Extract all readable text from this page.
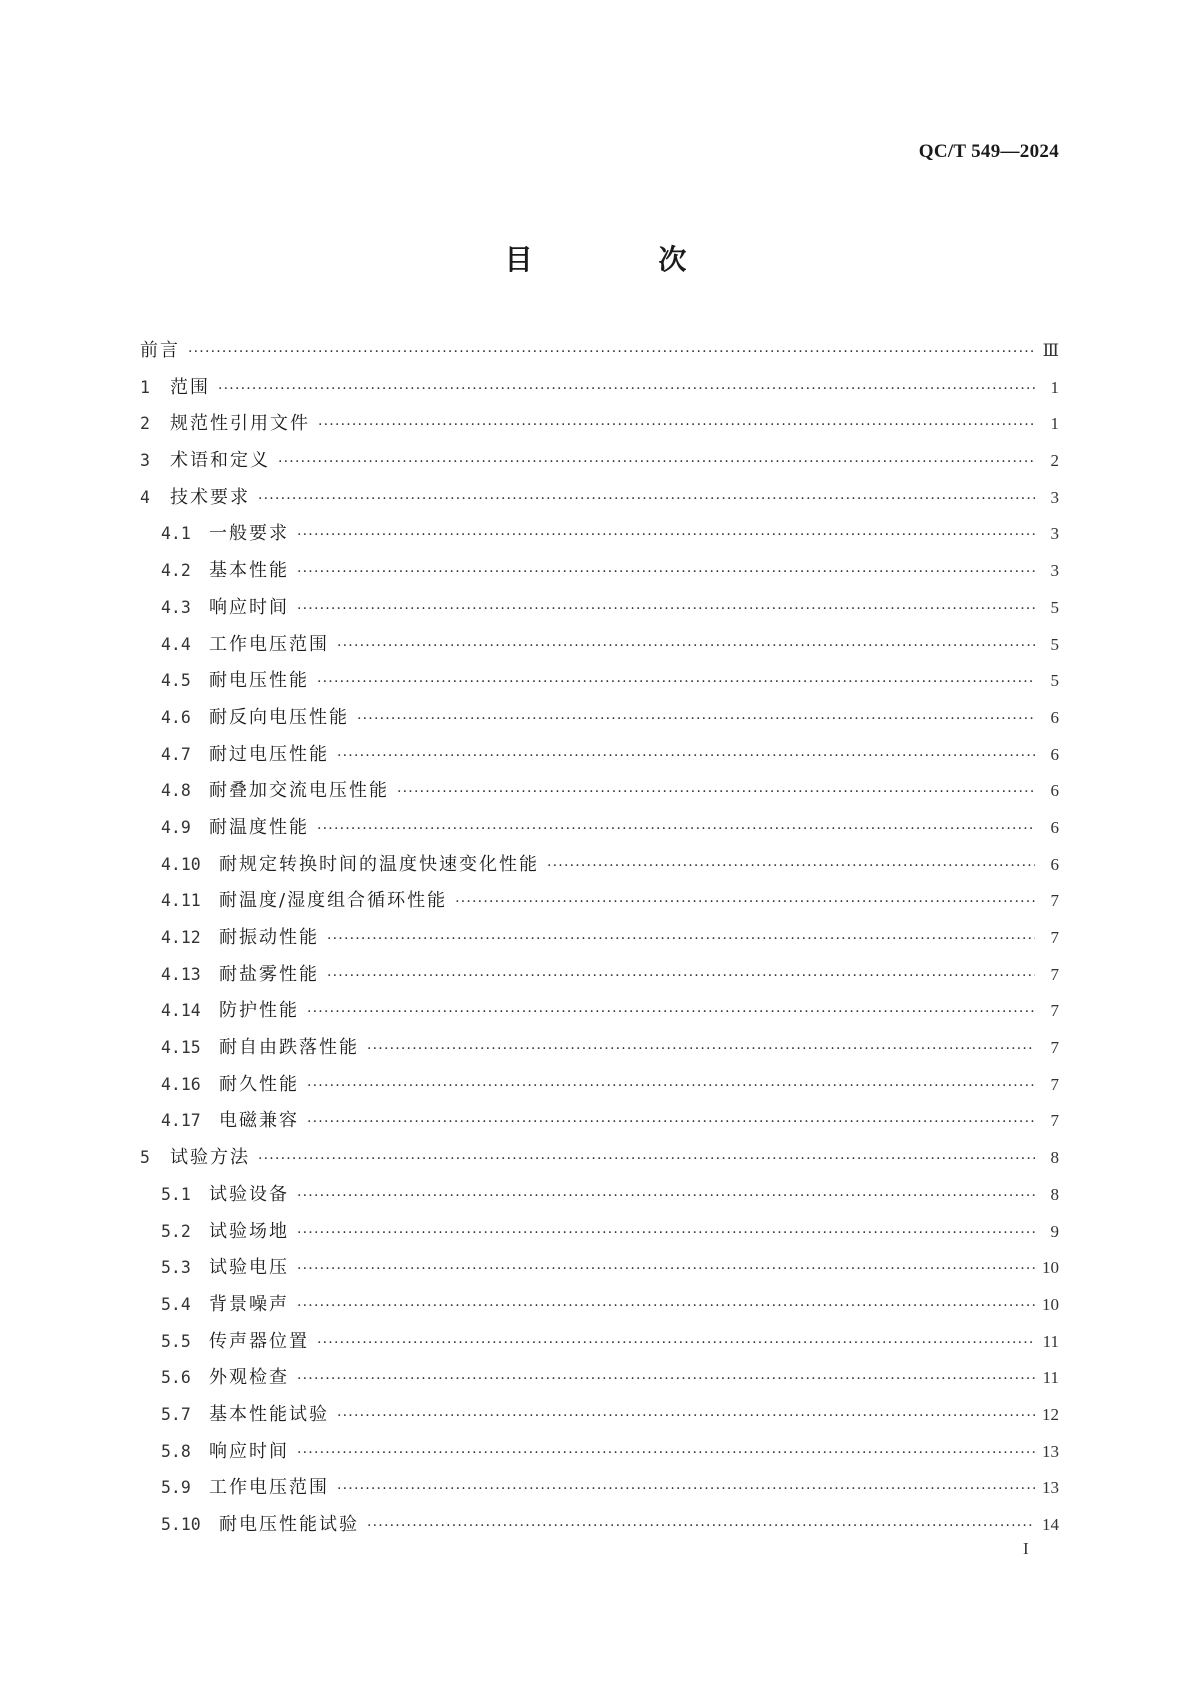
QC/T 549—2024
目 次
前言 ·····	Ⅲ
1	范围 ·····	1
2	规范性引用文件 ·····	1
3	术语和定义 ·····	2
4	技术要求 ·····	3
4.1	一般要求 ·····	3
4.2	基本性能 ·····	3
4.3	响应时间 ·····	5
4.4	工作电压范围 ·····	5
4.5	耐电压性能 ·····	5
4.6	耐反向电压性能 ·····	6
4.7	耐过电压性能 ·····	6
4.8	耐叠加交流电压性能 ·····	6
4.9	耐温度性能 ·····	6
4.10	耐规定转换时间的温度快速变化性能 ·····	6
4.11	耐温度/湿度组合循环性能 ·····	7
4.12	耐振动性能 ·····	7
4.13	耐盐雾性能 ·····	7
4.14	防护性能 ·····	7
4.15	耐自由跌落性能 ·····	7
4.16	耐久性能 ·····	7
4.17	电磁兼容 ·····	7
5	试验方法 ·····	8
5.1	试验设备 ·····	8
5.2	试验场地 ·····	9
5.3	试验电压 ·····	10
5.4	背景噪声 ·····	10
5.5	传声器位置 ·····	11
5.6	外观检查 ·····	11
5.7	基本性能试验 ·····	12
5.8	响应时间 ·····	13
5.9	工作电压范围 ·····	13
5.10	耐电压性能试验 ·····	14
I
